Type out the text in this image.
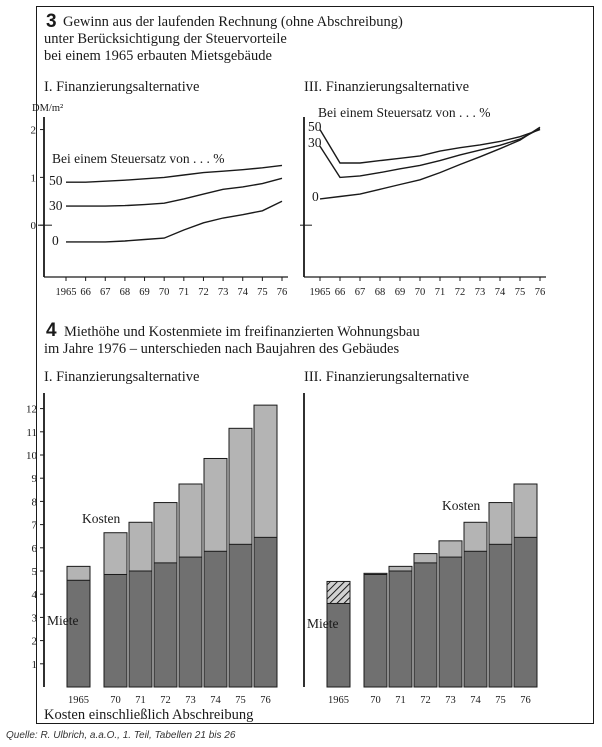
3 Gewinn aus der laufenden Rechnung (ohne Abschreibung)
unter Berücksichtigung der Steuervorteile
bei einem 1965 erbauten Mietsgebäude
I. Finanzierungsalternative	III. Finanzierungsalternative
4 Miethöhe und Kostenmiete im freifinanzierten Wohnungsbau
im Jahre 1976 – unterschieden nach Baujahren des Gebäudes
I. Finanzierungsalternative	III. Finanzierungsalternative
Kosten einschließlich Abschreibung
Quelle: R. Ulbrich, a.a.O., 1. Teil, Tabellen 21 bis 26
1965 66 67 68 69 70 71 72 73 74 75 76
2
1
0
DM/m²
Bei einem Steuersatz von . . . %
50
30
0
1965 66 67 68 69 70 71 72 73 74 75 76
Bei einem Steuersatz von . . . %
50
30
0
1
2
3
4
5
6
7
8
9
10
11
12
1965 70 71 72 73 74 75 76
Kosten
Miete
1965 70 71 72 73 74 75 76
Kosten
Miete
